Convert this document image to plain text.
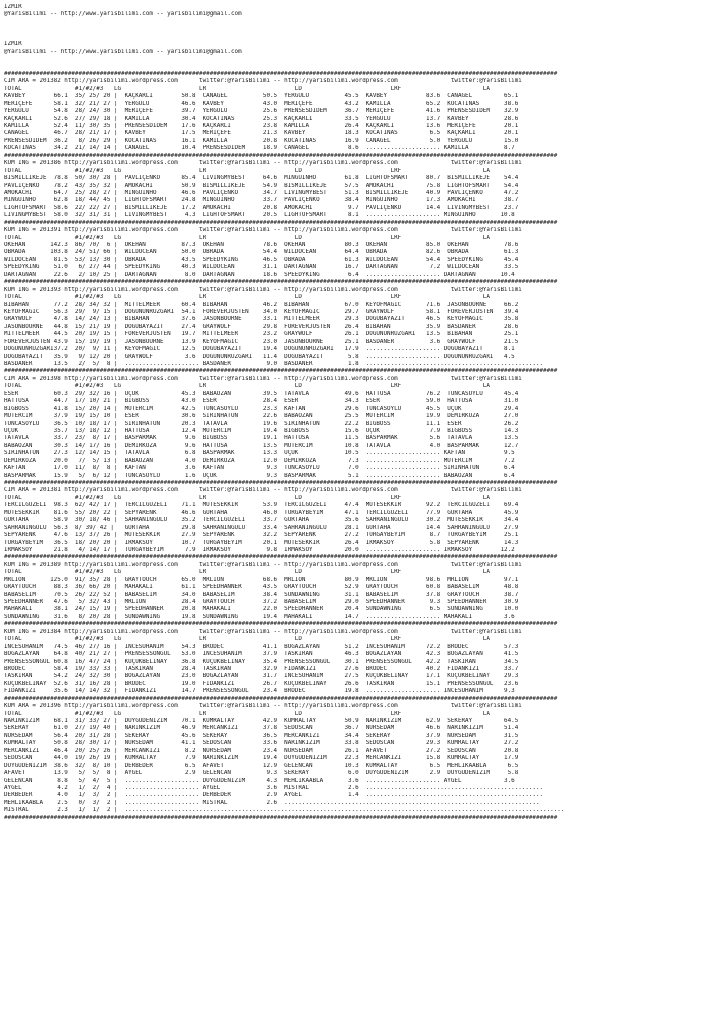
IZMIR
@YarisBilimi -- http://www.yarisbilimi.com -- yarisbilimi@gmail.com

IZMIR
@YarisBilimi -- http://www.yarisbilimi.com -- yarisbilimi@gmail.com

############################################################################################################################################################
CIM ARA = 201382 http://yarisbilimi.wordpress.com      twitter:@YarisBilimi -- http://yarisbilimi.wordpress.com               twitter:@YarisBilimi
TOTAL               #1/#2/#3   LG                      LR                         LD                         LRF                       LA
KAVBEY        66.1  35/ 25/ 20 |  KAÇKARLI        50.8  CANAGEL          50.5  YERGÜLÜ          45.5  KAVBEY           83.6  CANAGEL         65.1
MERIÇEFE      58.1  32/ 21/ 27 |  YERGÜLÜ         46.6  KAVBEY           43.0  MERIÇEFE         43.2  KAMILLA          65.2  KOCATINAS       38.6
YERGÜLÜ       54.8  28/ 24/ 30 |  MERIÇEFE        39.7  YERGÜLÜ          25.6  PRENSESDIDEM     36.7  MERIÇEFE         41.6  PRENSESDIDEM    32.9
KAÇKARLI      52.6  27/ 29/ 18 |  KAMILLA         30.4  KOCATINAS        25.3  KAÇKARLI         33.5  YERGÜLÜ          13.7  KAVBEY          28.6
KAMILLA       52.4  11/ 30/ 35 |  PRENSESDIDEM    17.6  KAÇKARLI         23.8  KAMILLA          26.4  KAÇKARLI         13.6  MERIÇEFE        20.1
CANAGEL       46.7  28/ 21/ 17 |  KAVBEY          17.5  MERIÇEFE         21.3  KAVBEY           18.3  KOCATINAS         6.5  KAÇKARLI        20.1
PRENSESDIDEM  36.2   8/ 26/ 29 |  KOCATINAS       16.1  KAMILLA          20.8  KOCATINAS        16.9  CANAGEL           5.0  YERGÜLÜ         15.0
KOCATINAS     34.2  21/ 14/ 14 |  CANAGEL         10.4  PRENSESDIDEM     18.9  CANAGEL           8.6  ..................... KAMILLA          8.7
############################################################################################################################################################
KUM ING = 201386 http://yarisbilimi.wordpress.com      twitter:@YarisBilimi -- http://yarisbilimi.wordpress.com               twitter:@YarisBilimi
TOTAL               #1/#2/#3   LG                      LR                         LD                         LRF                       LA
BISMILLIKEJE  78.8  50/ 30/ 28 |  PAVLIÇENKO      85.4  LIVINGMYBEST     64.6  MINGUINHO        61.8  LIGHTOFSMART     80.7  BISMILLIKEJE    54.4
PAVLIÇENKO    78.2  43/ 35/ 32 |  AMOKACHI        50.9  BISMILLIKEJE     54.9  BISMILLIKEJE     57.5  AMOKACHI         75.8  LIGHTOFSMART    54.4
AMOKACHI      64.7  25/ 28/ 27 |  MINGUINHO       46.6  PAVLIÇENKO       34.7  LIVINGMYBEST     51.3  BISMILLIKEJE     40.9  PAVLIÇENKO      47.2
MINGUINHO     62.8  18/ 44/ 45 |  LIGHTOFSMART    24.8  MINGUINHO        33.7  PAVLIÇENKO       38.4  MINGUINHO        17.3  AMOKACHI        38.7
LIGHTOFSMART  58.6  22/ 22/ 27 |  BISMILLIKEJE    17.2  AMOKACHI         20.8  AMOKACHI          9.7  PAVLIÇENKO       14.4  LIVINGMYBEST    23.7
LIVINGMYBEST  58.0  32/ 31/ 31 |  LIVINGMYBEST     4.3  LIGHTOFSMART     20.5  LIGHTOFSMART      8.1  ..................... MINGUINHO       10.8
############################################################################################################################################################
KUM ING = 201391 http://yarisbilimi.wordpress.com      twitter:@YarisBilimi -- http://yarisbilimi.wordpress.com               twitter:@YarisBilimi
TOTAL               #1/#2/#3   LG                      LR                         LD                         LRF                       LA
ÖKEHAN       142.3  86/ 70/  6 |  ÖKEHAN          87.3  ÖKEHAN           78.6  ÖKEHAN           80.3  ÖKEHAN           85.0  ÖKEHAN          78.6
OBRADA       103.8  24/ 51/ 66 |  WILDOCEAN       50.0  OBRADA           54.4  WILDOCEAN        64.4  OBRADA           82.6  OBRADA          61.3
WILDOCEAN     81.5  53/ 13/ 30 |  OBRADA          43.5  SPEEDYKING       46.5  OBRADA           61.3  WILDOCEAN        54.4  SPEEDYKING      45.4
SPEEDYKING    51.0   6/ 27/ 44 |  SPEEDYKING      40.3  WILDOCEAN        31.1  DARTAGNAN        16.7  DARTAGNAN         7.2  WILDOCEAN       33.5
DARTAGNAN     22.6   2/ 10/ 25 |  DARTAGNAN        8.0  DARTAGNAN        18.6  SPEEDYKING        6.4  ..................... DARTAGNAN       10.4
############################################################################################################################################################
KUM ING = 201393 http://yarisbilimi.wordpress.com      twitter:@YarisBilimi -- http://yarisbilimi.wordpress.com               twitter:@YarisBilimi
TOTAL               #1/#2/#3   LG                      LR                         LD                         LRF                       LA
BIBAHAN       77.2  28/ 34/ 32 |  MITTELMEER      60.4  BIBAHAN          46.2  BIBAHAN          67.0  KEYOFMAGIC       71.6  JASONBOURNE     66.2
KEYOFMAGIC    56.3  29/  9/ 15 |  DOGUNUNRÜZGARI  54.1  FOREVERJUSTEN    34.0  KEYOFMAGIC       29.7  GRAYWOLF         58.1  FOREVERJUSTEN   39.4
GRAYWOLF      47.8  14/ 24/ 13 |  BIBAHAN         37.6  JASONBOURNE      33.1  MITTELMEER       29.3  DOGUBAYAZIT      46.5  KEYOFMAGIC      35.8
JASONBOURNE   44.8  15/ 21/ 19 |  DOGUBAYAZIT     27.4  GRAYWOLF         29.8  FOREVERJUSTEN    26.4  BIBAHAN          35.9  BASDANER        28.6
MITTELMEER    44.5  20/ 19/ 15 |  FOREVERJUSTEN   19.7  MITTELMEER       23.2  GRAYWOLF         26.1  DOGUNUNRÜZGARI   13.5  BIBAHAN         25.1
FOREVERJUSTEN 43.9  15/ 19/ 19 |  JASONBOURNE     13.9  KEYOFMAGIC       23.0  JASONBOURNE      25.1  BASDANER          3.6  GRAYWOLF        21.5
DOGUNUNRÜZGARI37.2  20/  9/ 11 |  KEYOFMAGIC      12.5  DOGUBAYAZIT      19.4  DOGUNUNRÜZGARI   17.9  ..................... DOGUBAYAZIT      8.1
DOGUBAYAZIT   35.9   9/ 12/ 20 |  GRAYWOLF         3.6  DOGUNUNRÜZGARI   11.4  DOGUBAYAZIT       5.8  ..................... DOGUNUNRÜZGARI   4.5
BASDANER      13.5   2/  5/  8 |  ..................... BASDANER          9.0  BASDANER          1.8  ..................................................
############################################################################################################################################################
CIM ARA = 201398 http://yarisbilimi.wordpress.com      twitter:@YarisBilimi -- http://yarisbilimi.wordpress.com               twitter:@YarisBilimi
TOTAL               #1/#2/#3   LG                      LR                         LD                         LRF                       LA
ESER          60.3  29/ 32/ 16 |  UÇUK            45.3  BABAOZAN         39.5  TATAVLA          49.6  HATTUSA          76.2  TUNCASOYLU      45.4
HATTUSA       44.7  17/ 10/ 21 |  BIGBOSS         43.0  ESER             28.4  ESER             34.3  ESER             59.0  HATTUSA         31.0
BIGBOSS       41.8  15/ 20/ 14 |  MÜTERCIM        42.5  TUNCASOYLU       23.3  KAFTAN           29.6  TUNCASOYLU       45.5  UÇUK            29.4
MÜTERCIM      37.9  19/ 15/ 10 |  ESER            30.6  SIRINHATUN       22.6  BABAOZAN         25.5  MÜTERCIM         19.9  DEMIRKOZA       27.0
TUNCASOYLU    36.5  10/ 18/ 17 |  SIRINHATUN      20.3  TATAVLA          19.6  SIRINHATUN       22.2  BIGBOSS          11.1  ESER            26.2
UÇUK          35.7  13/ 18/ 12 |  HATTUSA         12.4  MÜTERCIM         19.4  BIGBOSS          15.6  UÇUK              7.9  BIGBOSS         14.3
TATAVLA       33.7  23/  8/ 17 |  BASPARMAK        9.6  BIGBOSS          19.1  HATTUSA          11.5  BASPARMAK         5.6  TATAVLA         13.5
BABAOZAN      30.3  14/ 17/ 16 |  DEMIRKOZA        9.6  HATTUSA          13.5  MÜTERCIM         10.8  TATAVLA           4.0  BASPARMAK       12.7
SIRINHATUN    27.3  12/ 14/ 15 |  TATAVLA          6.8  BASPARMAK        13.3  UÇUK             10.5  ..................... KAFTAN           9.5
DEMIRKOZA     20.0   7/  5/ 13 |  BABAOZAN         4.0  DEMIRKOZA        12.0  DEMIRKOZA         7.3  ..................... MÜTERCIM         7.2
KAFTAN        17.0  11/  8/  8 |  KAFTAN           3.6  KAFTAN            9.3  TUNCASOYLU        7.0  ..................... SIRINHATUN       6.4
BASPARMAK     15.9   5/  6/ 12 |  TUNCASOYLU       1.6  UÇUK              9.3  BASPARMAK         5.1  ..................... BABAOZAN         6.4
############################################################################################################################################################
CIM ARA = 201381 http://yarisbilimi.wordpress.com      twitter:@YarisBilimi -- http://yarisbilimi.wordpress.com               twitter:@YarisBilimi
TOTAL               #1/#2/#3   LG                      LR                         LD                         LRF                       LA
TERCILGÜZELI  98.3  62/ 42/ 17 |  TERCILGÜZELI    71.1  MÜTESEKKIR       53.9  TERCILGÜZELI     47.4  MÜTESEKKIR       92.2  TERCILGÜZELI    69.4
MÜTESEKKIR    81.6  55/ 20/ 22 |  SEPYARENK       46.6  GÜRTAHA          46.0  TURGAYBEYIM      47.1  TERCILGÜZELI     77.9  GÜRTAHA         45.9
GÜRTAHA       58.9  30/ 18/ 46 |  SAHRANINGÜLÜ    35.2  TERCILGÜZELI     33.7  GÜRTAHA          35.6  SAHRANINGÜLÜ     30.2  MÜTESEKKIR      34.4
SAHRANINGÜLÜ  56.3  8/ 39/ 42 |   GÜRTAHA         29.8  SAHRANINGÜLÜ     33.4  SAHRANINGÜLÜ     28.1  GÜRTAHA          14.4  SAHRANINGÜLÜ    27.9
SEPYARENK     47.6  13/ 37/ 26 |  MÜTESEKKIR      27.9  SEPYARENK        32.2  SEPYARENK        27.2  TURGAYBEYIM       8.7  TURGAYBEYIM     25.1
TURGAYBEYIM   36.5  18/ 20/ 20 |  IRMAKSOY        10.7  TURGAYBEYIM      20.1  MÜTESEKKIR       26.4  IRMAKSOY          5.8  SEPYARENK       14.3
IRMAKSOY      21.8   4/ 14/ 17 |  TURGAYBEYIM      7.9  IRMAKSOY          9.8  IRMAKSOY         20.0  ..................... IRMAKSOY        12.2
############################################################################################################################################################
KUM ING = 201389 http://yarisbilimi.wordpress.com      twitter:@YarisBilimi -- http://yarisbilimi.wordpress.com               twitter:@YarisBilimi
TOTAL               #1/#2/#3   LG                      LR                         LD                         LRF                       LA
MRLION       125.0  91/ 35/ 28 |  GRAYTOUCH       65.0  MRLION           68.6  MRLION           80.9  MRLION           98.6  MRLION          97.1
GRAYTOUCH     88.3  36/ 66/ 20 |  MAHAKALI        61.1  SPEEDHANNER      43.5  GRAYTOUCH        52.9  GRAYTOUCH        60.8  BABASELIM       48.8
BABASELIM     70.5  26/ 22/ 52 |  BABASELIM       34.0  BABASELIM        38.4  SUNDAWNING       31.1  BABASELIM        37.8  GRAYTOUCH       38.7
SPEEDHANNER   47.6   5/ 32/ 43 |  MRLION          28.4  GRAYTOUCH        37.2  BABASELIM        29.0  SPEEDHANNER       9.3  SPEEDHANNER     30.9
MAHAKALI      38.1  24/ 15/ 19 |  SPEEDHANNER     20.8  MAHAKALI         22.0  SPEEDHANNER      20.4  SUNDAWNING        6.5  SUNDAWNING      10.0
SUNDAWNING    31.6   8/ 20/ 28 |  SUNDAWNING      19.8  SUNDAWNING       19.4  MAHAKALI         14.7  ..................... MAHAKALI         3.6
############################################################################################################################################################
KUM ING = 201384 http://yarisbilimi.wordpress.com      twitter:@YarisBilimi -- http://yarisbilimi.wordpress.com               twitter:@YarisBilimi
TOTAL               #1/#2/#3   LG                      LR                         LD                         LRF                       LA
INCESUHANIM   74.5  46/ 27/ 16 |  INCESUHANIM     54.3  BRODEC           41.1  BOGAZLAYAN       51.2  INCESUHANIM      72.2  BRODEC          57.3
BOGAZLAYAN    64.8  40/ 21/ 27 |  PRENSESSONGÜL   53.0  INCESUHANIM      37.9  TASKIRAN         46.3  BOGAZLAYAN       42.3  BOGAZLAYAN      41.5
PRENSESSONGÜL 60.8  16/ 47/ 24 |  KÜÇÜKBELINAY    36.8  KÜÇÜKBELINAY     35.4  PRENSESSONGÜL    30.1  PRENSESSONGÜL    42.2  TASKIRAN        34.5
BRODEC        58.4  19/ 33/ 33 |  TASKIRAN        28.4  TASKIRAN         32.9  FIDANKIZI        27.6  BRODEC           40.2  FIDANKIZI       33.7
TASKIRAN      54.2  24/ 32/ 30 |  BOGAZLAYAN      23.0  BOGAZLAYAN       31.7  INCESUHANIM      27.5  KÜÇÜKBELINAY     17.1  KÜÇÜKBELINAY    29.3
KÜÇÜKBELINAY  52.6  31/ 16/ 28 |  BRODEC          19.0  FIDANKIZI        26.7  KÜÇÜKBELINAY     26.6  TASKIRAN         15.1  PRENSESSONGÜL   23.6
FIDANKIZI     35.6  14/ 14/ 32 |  FIDANKIZI       14.7  PRENSESSONGÜL    23.4  BRODEC           19.8  ..................... INCESUHANIM      9.3
############################################################################################################################################################
KUM ARA = 201396 http://yarisbilimi.wordpress.com      twitter:@YarisBilimi -- http://yarisbilimi.wordpress.com               twitter:@YarisBilimi
TOTAL               #1/#2/#3   LG                      LR                         LD                         LRF                       LA
NARINKIZIM    68.1  31/ 33/ 27 |  DUYGUDENIZIM    70.1  KUMRALTAY        42.9  KUMRALTAY        50.9  NARINKIZIM       62.9  SEKERAY         64.5
SEKERAY       61.0  27/ 19/ 40 |  NARINKIZIM      46.9  MERCANKIZI       37.8  SEDOSCAN         36.7  NURSEDAM         46.6  NARINKIZIM      51.4
NURSEDAM      56.4  20/ 31/ 28 |  SEKERAY         45.6  SEKERAY          36.5  MERCANKIZI       34.4  SEKERAY          37.9  NURSEDAM        31.5
KUMRALTAY     50.8  28/ 30/ 17 |  NURSEDAM        41.1  SEDOSCAN         33.6  NARINKIZIM       33.8  SEDOSCAN         29.3  KUMRALTAY       27.2
MERCANKIZI    46.4  20/ 25/ 26 |  MERCANKIZI       8.2  NURSEDAM         23.4  NURSEDAM         26.1  AFAVET           27.2  SEDOSCAN        20.8
SEDOSCAN      44.0  19/ 26/ 19 |  KUMRALTAY        7.9  NARINKIZIM       19.4  DUYGUDENIZIM     22.3  MERCANKIZI       15.8  KUMRALTAY       17.9
DUYGUDENIZIM  38.6  32/  8/ 10 |  DERBEDER         6.5  AFAVET           12.9  GELENCAN         10.3  KUMRALTAY         6.5  MEHLIKAABLA      6.5
AFAVET        13.9   5/  5/  8 |  AYGEL            2.9  GELENCAN          9.3  SEKERAY           6.0  DUYGUDENIZIM      2.9  DUYGUDENIZIM     5.8
GELENCAN       8.8   5/  4/  5 |  ..................... DUYGUDENIZIM      4.3  MEHLIKAABLA       3.6  ..................... AYGEL            3.6
AYGEL          4.2   1/  2/  4 |  ..................... AYGEL             3.6  MISTRAL           2.6  ..................................................
DERBEDER       4.0   1/  3/  2 |  ..................... DERBEDER          2.9  AYGEL             1.4  ..................................................
MEHLIKAABLA    2.5   0/  3/  2 |  ..................... MISTRAL           2.6  ........................................................................
MISTRAL        2.3   1/  1/  2 |  ............................................................................................................................
############################################################################################################################################################
